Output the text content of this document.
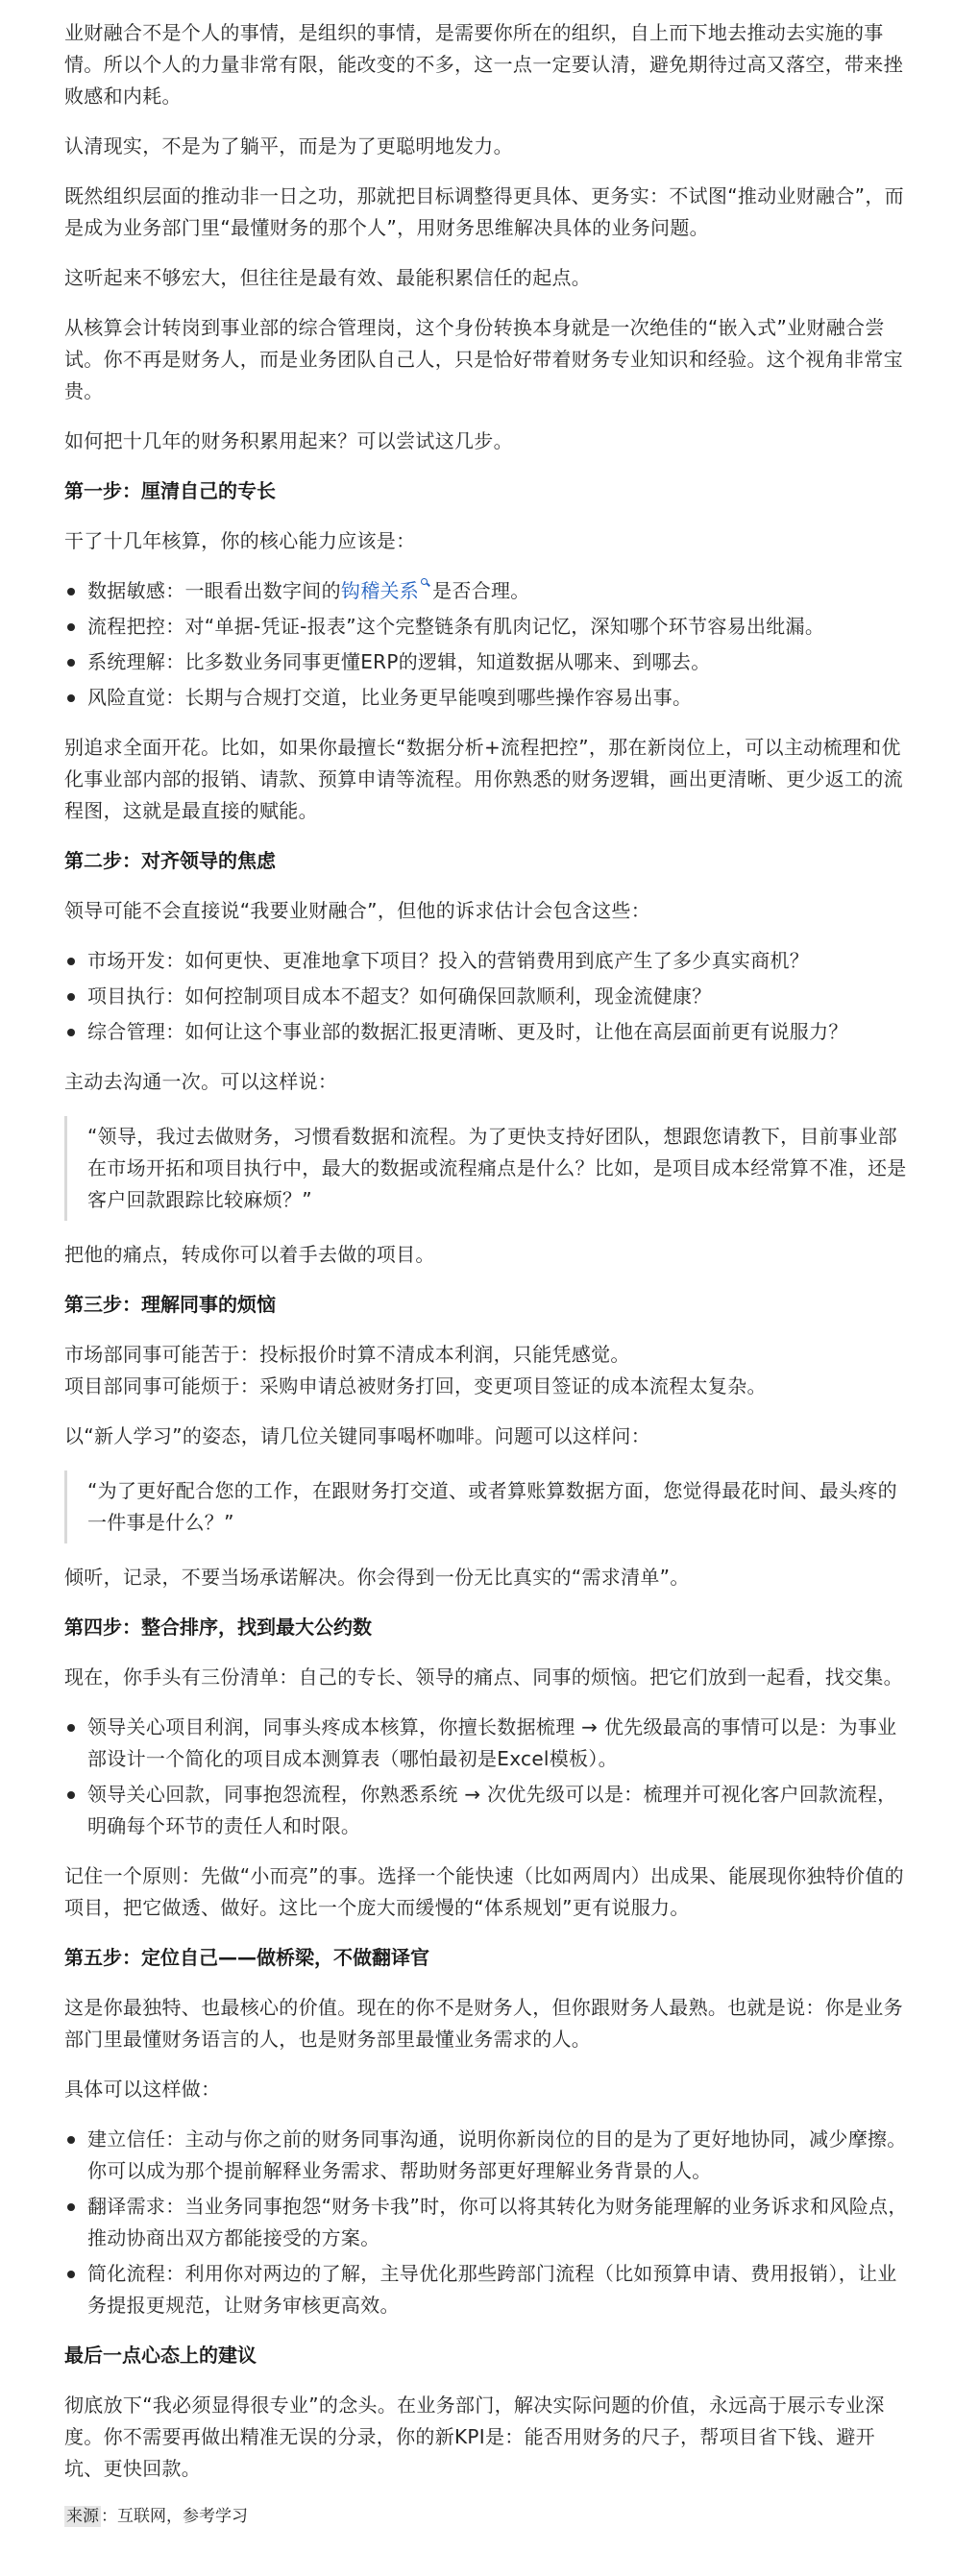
业财融合不是个人的事情，是组织的事情，是需要你所在的组织，自上而下地去推动去实施的事情。所以个人的力量非常有限，能改变的不多，这一点一定要认清，避免期待过高又落空，带来挫败感和内耗。

认清现实，不是为了躺平，而是为了更聪明地发力。

既然组织层面的推动非一日之功，那就把目标调整得更具体、更务实：不试图“推动业财融合”，而是成为业务部门里“最懂财务的那个人”，用财务思维解决具体的业务问题。

这听起来不够宏大，但往往是最有效、最能积累信任的起点。

从核算会计转岗到事业部的综合管理岗，这个身份转换本身就是一次绝佳的“嵌入式”业财融合尝试。你不再是财务人，而是业务团队自己人，只是恰好带着财务专业知识和经验。这个视角非常宝贵。

如何把十几年的财务积累用起来？可以尝试这几步。

第一步：厘清自己的专长

干了十几年核算，你的核心能力应该是：

数据敏感：一眼看出数字间的钩稽关系 是否合理。
流程把控：对“单据-凭证-报表”这个完整链条有肌肉记忆，深知哪个环节容易出纰漏。
系统理解：比多数业务同事更懂ERP的逻辑，知道数据从哪来、到哪去。
风险直觉：长期与合规打交道，比业务更早能嗅到哪些操作容易出事。

别追求全面开花。比如，如果你最擅长“数据分析+流程把控”，那在新岗位上，可以主动梳理和优化事业部内部的报销、请款、预算申请等流程。用你熟悉的财务逻辑，画出更清晰、更少返工的流程图，这就是最直接的赋能。

第二步：对齐领导的焦虑

领导可能不会直接说“我要业财融合”，但他的诉求估计会包含这些：

市场开发：如何更快、更准地拿下项目？投入的营销费用到底产生了多少真实商机？
项目执行：如何控制项目成本不超支？如何确保回款顺利，现金流健康？
综合管理：如何让这个事业部的数据汇报更清晰、更及时，让他在高层面前更有说服力？

主动去沟通一次。可以这样说：

“领导，我过去做财务，习惯看数据和流程。为了更快支持好团队，想跟您请教下，目前事业部在市场开拓和项目执行中，最大的数据或流程痛点是什么？比如，是项目成本经常算不准，还是客户回款跟踪比较麻烦？”

把他的痛点，转成你可以着手去做的项目。

第三步：理解同事的烦恼

市场部同事可能苦于：投标报价时算不清成本利润，只能凭感觉。

项目部同事可能烦于：采购申请总被财务打回，变更项目签证的成本流程太复杂。

以“新人学习”的姿态，请几位关键同事喝杯咖啡。问题可以这样问：

“为了更好配合您的工作，在跟财务打交道、或者算账算数据方面，您觉得最花时间、最头疼的一件事是什么？”

倾听，记录，不要当场承诺解决。你会得到一份无比真实的“需求清单”。

第四步：整合排序，找到最大公约数

现在，你手头有三份清单：自己的专长、领导的痛点、同事的烦恼。把它们放到一起看，找交集。

领导关心项目利润，同事头疼成本核算，你擅长数据梳理 → 优先级最高的事情可以是：为事业部设计一个简化的项目成本测算表（哪怕最初是Excel模板）。
领导关心回款，同事抱怨流程，你熟悉系统 → 次优先级可以是：梳理并可视化客户回款流程，明确每个环节的责任人和时限。

记住一个原则：先做“小而亮”的事。选择一个能快速（比如两周内）出成果、能展现你独特价值的项目，把它做透、做好。这比一个庞大而缓慢的“体系规划”更有说服力。

第五步：定位自己——做桥梁，不做翻译官

这是你最独特、也最核心的价值。现在的你不是财务人，但你跟财务人最熟。也就是说：你是业务部门里最懂财务语言的人，也是财务部里最懂业务需求的人。

具体可以这样做：

建立信任：主动与你之前的财务同事沟通，说明你新岗位的目的是为了更好地协同，减少摩擦。你可以成为那个提前解释业务需求、帮助财务部更好理解业务背景的人。
翻译需求：当业务同事抱怨“财务卡我”时，你可以将其转化为财务能理解的业务诉求和风险点，推动协商出双方都能接受的方案。
简化流程：利用你对两边的了解，主导优化那些跨部门流程（比如预算申请、费用报销），让业务提报更规范，让财务审核更高效。
最后一点心态上的建议

彻底放下“我必须显得很专业”的念头。在业务部门，解决实际问题的价值，永远高于展示专业深度。你不需要再做出精准无误的分录，你的新KPI是：能否用财务的尺子，帮项目省下钱、避开坑、更快回款。

来源 ：互联网，参考学习
